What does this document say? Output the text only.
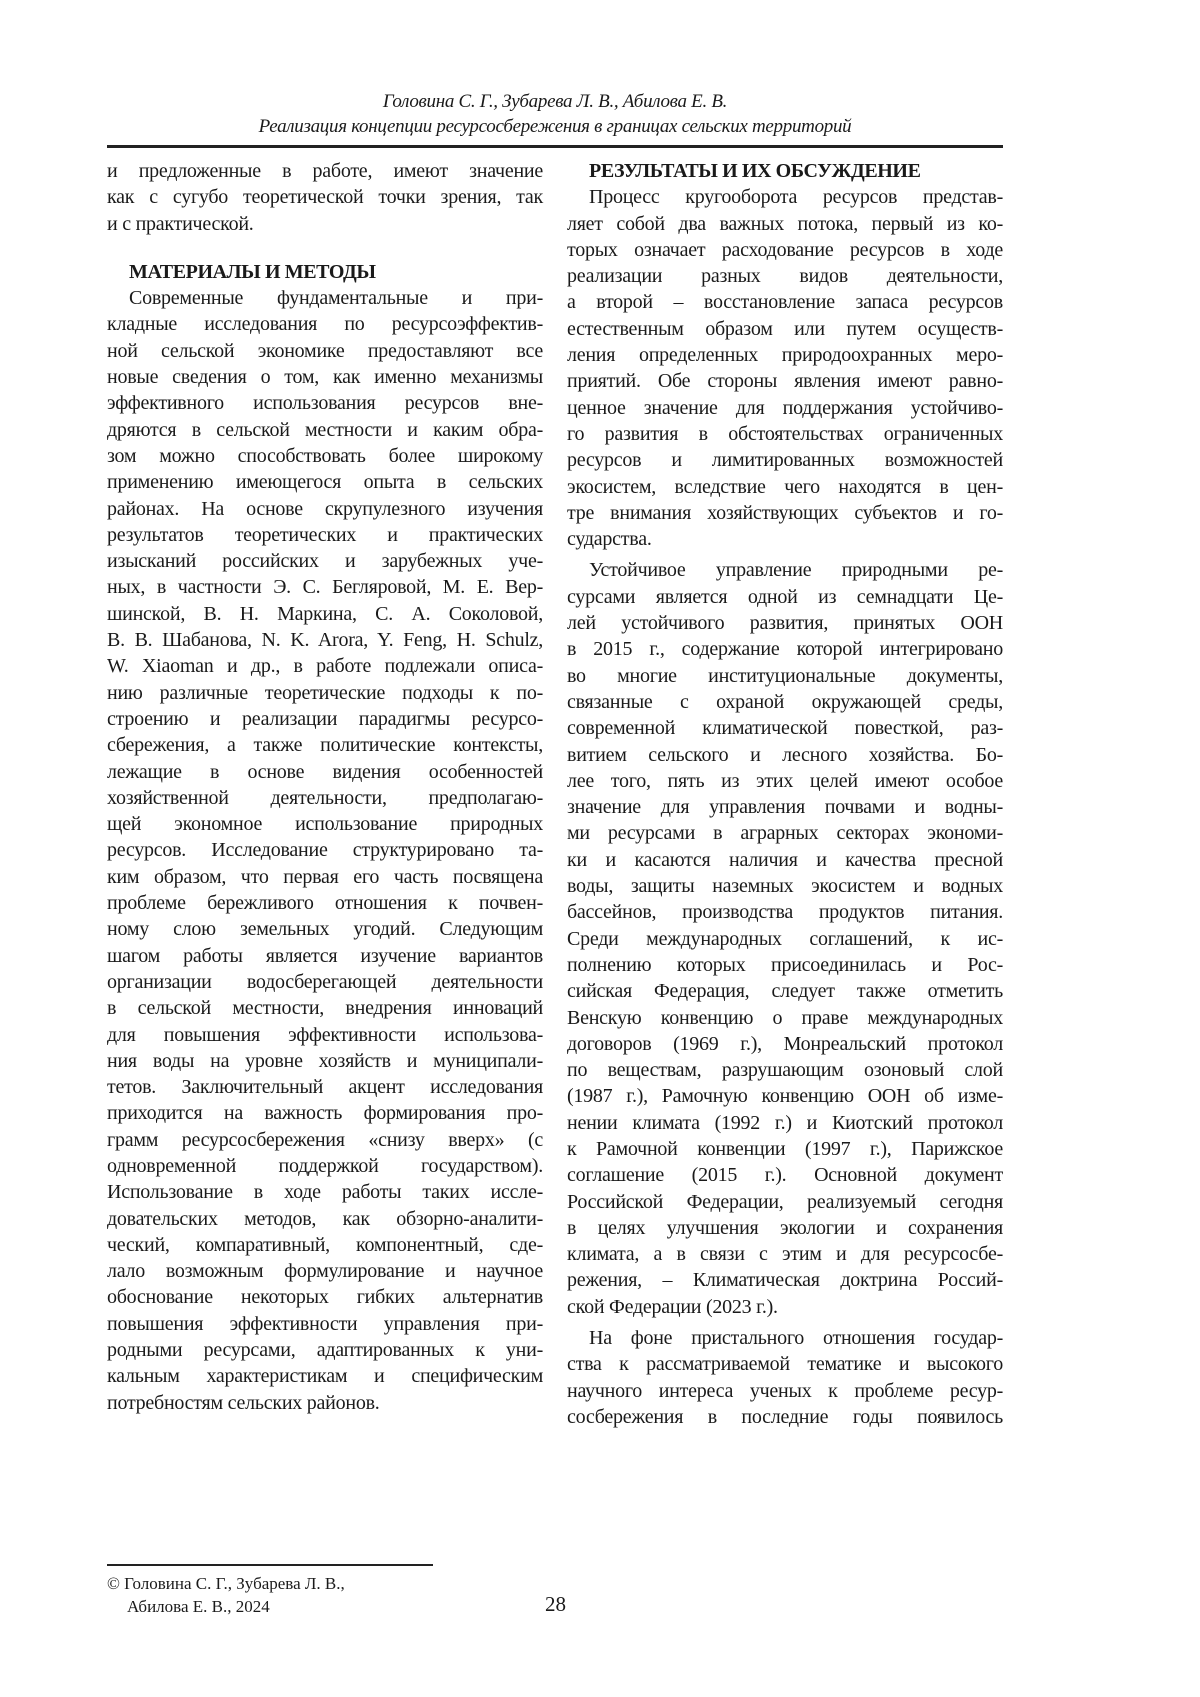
Головина С. Г., Зубарева Л. В., Абилова Е. В.
Реализация концепции ресурсосбережения в границах сельских территорий
и предложенные в работе, имеют значение
как с сугубо теоретической точки зрения, так
и с практической.
МАТЕРИАЛЫ И МЕТОДЫ
Современные фундаментальные и при-
кладные исследования по ресурсоэффектив-
ной сельской экономике предоставляют все
новые сведения о том, как именно механизмы
эффективного использования ресурсов вне-
дряются в сельской местности и каким обра-
зом можно способствовать более широкому
применению имеющегося опыта в сельских
районах. На основе скрупулезного изучения
результатов теоретических и практических
изысканий российских и зарубежных уче-
ных, в частности Э. С. Бегляровой, М. Е. Вер-
шинской, В. Н. Маркина, С. А. Соколовой,
В. В. Шабанова, N. K. Arora, Y. Feng, H. Schulz,
W. Xiaoman и др., в работе подлежали описа-
нию различные теоретические подходы к по-
строению и реализации парадигмы ресурсо-
сбережения, а также политические контексты,
лежащие в основе видения особенностей
хозяйственной деятельности, предполагаю-
щей экономное использование природных
ресурсов. Исследование структурировано та-
ким образом, что первая его часть посвящена
проблеме бережливого отношения к почвен-
ному слою земельных угодий. Следующим
шагом работы является изучение вариантов
организации водосберегающей деятельности
в сельской местности, внедрения инноваций
для повышения эффективности использова-
ния воды на уровне хозяйств и муниципали-
тетов. Заключительный акцент исследования
приходится на важность формирования про-
грамм ресурсосбережения «снизу вверх» (с
одновременной поддержкой государством).
Использование в ходе работы таких иссле-
довательских методов, как обзорно-аналити-
ческий, компаративный, компонентный, сде-
лало возможным формулирование и научное
обоснование некоторых гибких альтернатив
повышения эффективности управления при-
родными ресурсами, адаптированных к уни-
кальным характеристикам и специфическим
потребностям сельских районов.
РЕЗУЛЬТАТЫ И ИХ ОБСУЖДЕНИЕ
Процесс кругооборота ресурсов представ-
ляет собой два важных потока, первый из ко-
торых означает расходование ресурсов в ходе
реализации разных видов деятельности,
а второй – восстановление запаса ресурсов
естественным образом или путем осуществ-
ления определенных природоохранных меро-
приятий. Обе стороны явления имеют равно-
ценное значение для поддержания устойчиво-
го развития в обстоятельствах ограниченных
ресурсов и лимитированных возможностей
экосистем, вследствие чего находятся в цен-
тре внимания хозяйствующих субъектов и го-
сударства.
Устойчивое управление природными ре-
сурсами является одной из семнадцати Це-
лей устойчивого развития, принятых ООН
в 2015 г., содержание которой интегрировано
во многие институциональные документы,
связанные с охраной окружающей среды,
современной климатической повесткой, раз-
витием сельского и лесного хозяйства. Бо-
лее того, пять из этих целей имеют особое
значение для управления почвами и водны-
ми ресурсами в аграрных секторах экономи-
ки и касаются наличия и качества пресной
воды, защиты наземных экосистем и водных
бассейнов, производства продуктов питания.
Среди международных соглашений, к ис-
полнению которых присоединилась и Рос-
сийская Федерация, следует также отметить
Венскую конвенцию о праве международных
договоров (1969 г.), Монреальский протокол
по веществам, разрушающим озоновый слой
(1987 г.), Рамочную конвенцию ООН об изме-
нении климата (1992 г.) и Киотский протокол
к Рамочной конвенции (1997 г.), Парижское
соглашение (2015 г.). Основной документ
Российской Федерации, реализуемый сегодня
в целях улучшения экологии и сохранения
климата, а в связи с этим и для ресурсосбе-
режения, – Климатическая доктрина Россий-
ской Федерации (2023 г.).
На фоне пристального отношения государ-
ства к рассматриваемой тематике и высокого
научного интереса ученых к проблеме ресур-
сосбережения в последние годы появилось
© Головина С. Г., Зубарева Л. В.,
Абилова Е. В., 2024	28
